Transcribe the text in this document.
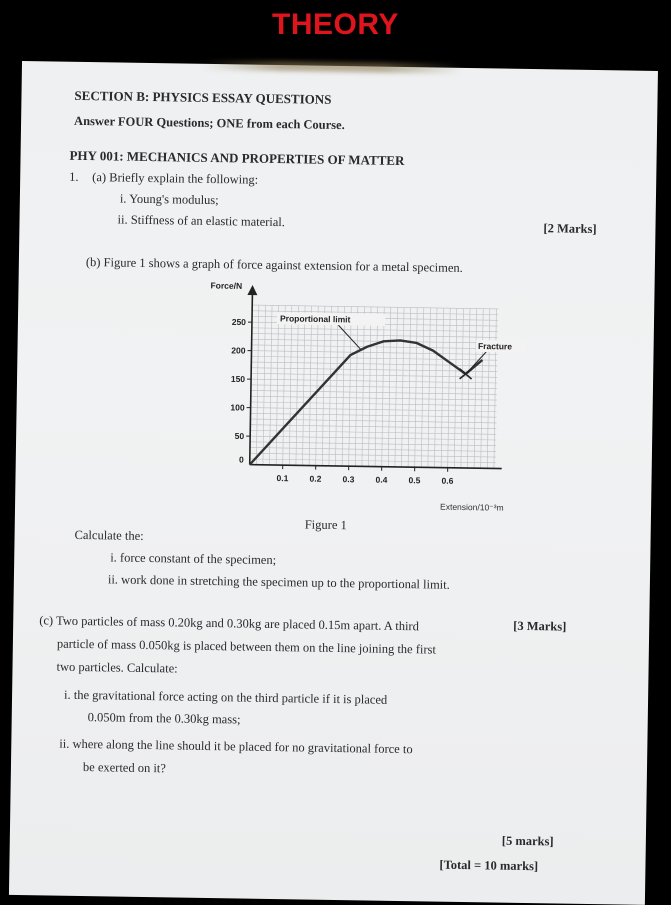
THEORY
SECTION B: PHYSICS ESSAY QUESTIONS
Answer FOUR Questions; ONE from each Course.
PHY 001: MECHANICS AND PROPERTIES OF MATTER
1. (a) Briefly explain the following:
i. Young's modulus;
ii. Stiffness of an elastic material.	[2 Marks]
(b) Figure 1 shows a graph of force against extension for a metal specimen.
Force/N
Extension/10⁻³m
50
100
150
200
250
0
0.1 0.2 0.3 0.4 0.5 0.6
Proportional limit
Fracture
Figure 1
Calculate the:
i. force constant of the specimen;
ii. work done in stretching the specimen up to the proportional limit.
[3 Marks]
(c) Two particles of mass 0.20kg and 0.30kg are placed 0.15m apart. A third
particle of mass 0.050kg is placed between them on the line joining the first
two particles. Calculate:
i. the gravitational force acting on the third particle if it is placed
0.050m from the 0.30kg mass;
ii. where along the line should it be placed for no gravitational force to
be exerted on it?
[5 marks]
[Total = 10 marks]
